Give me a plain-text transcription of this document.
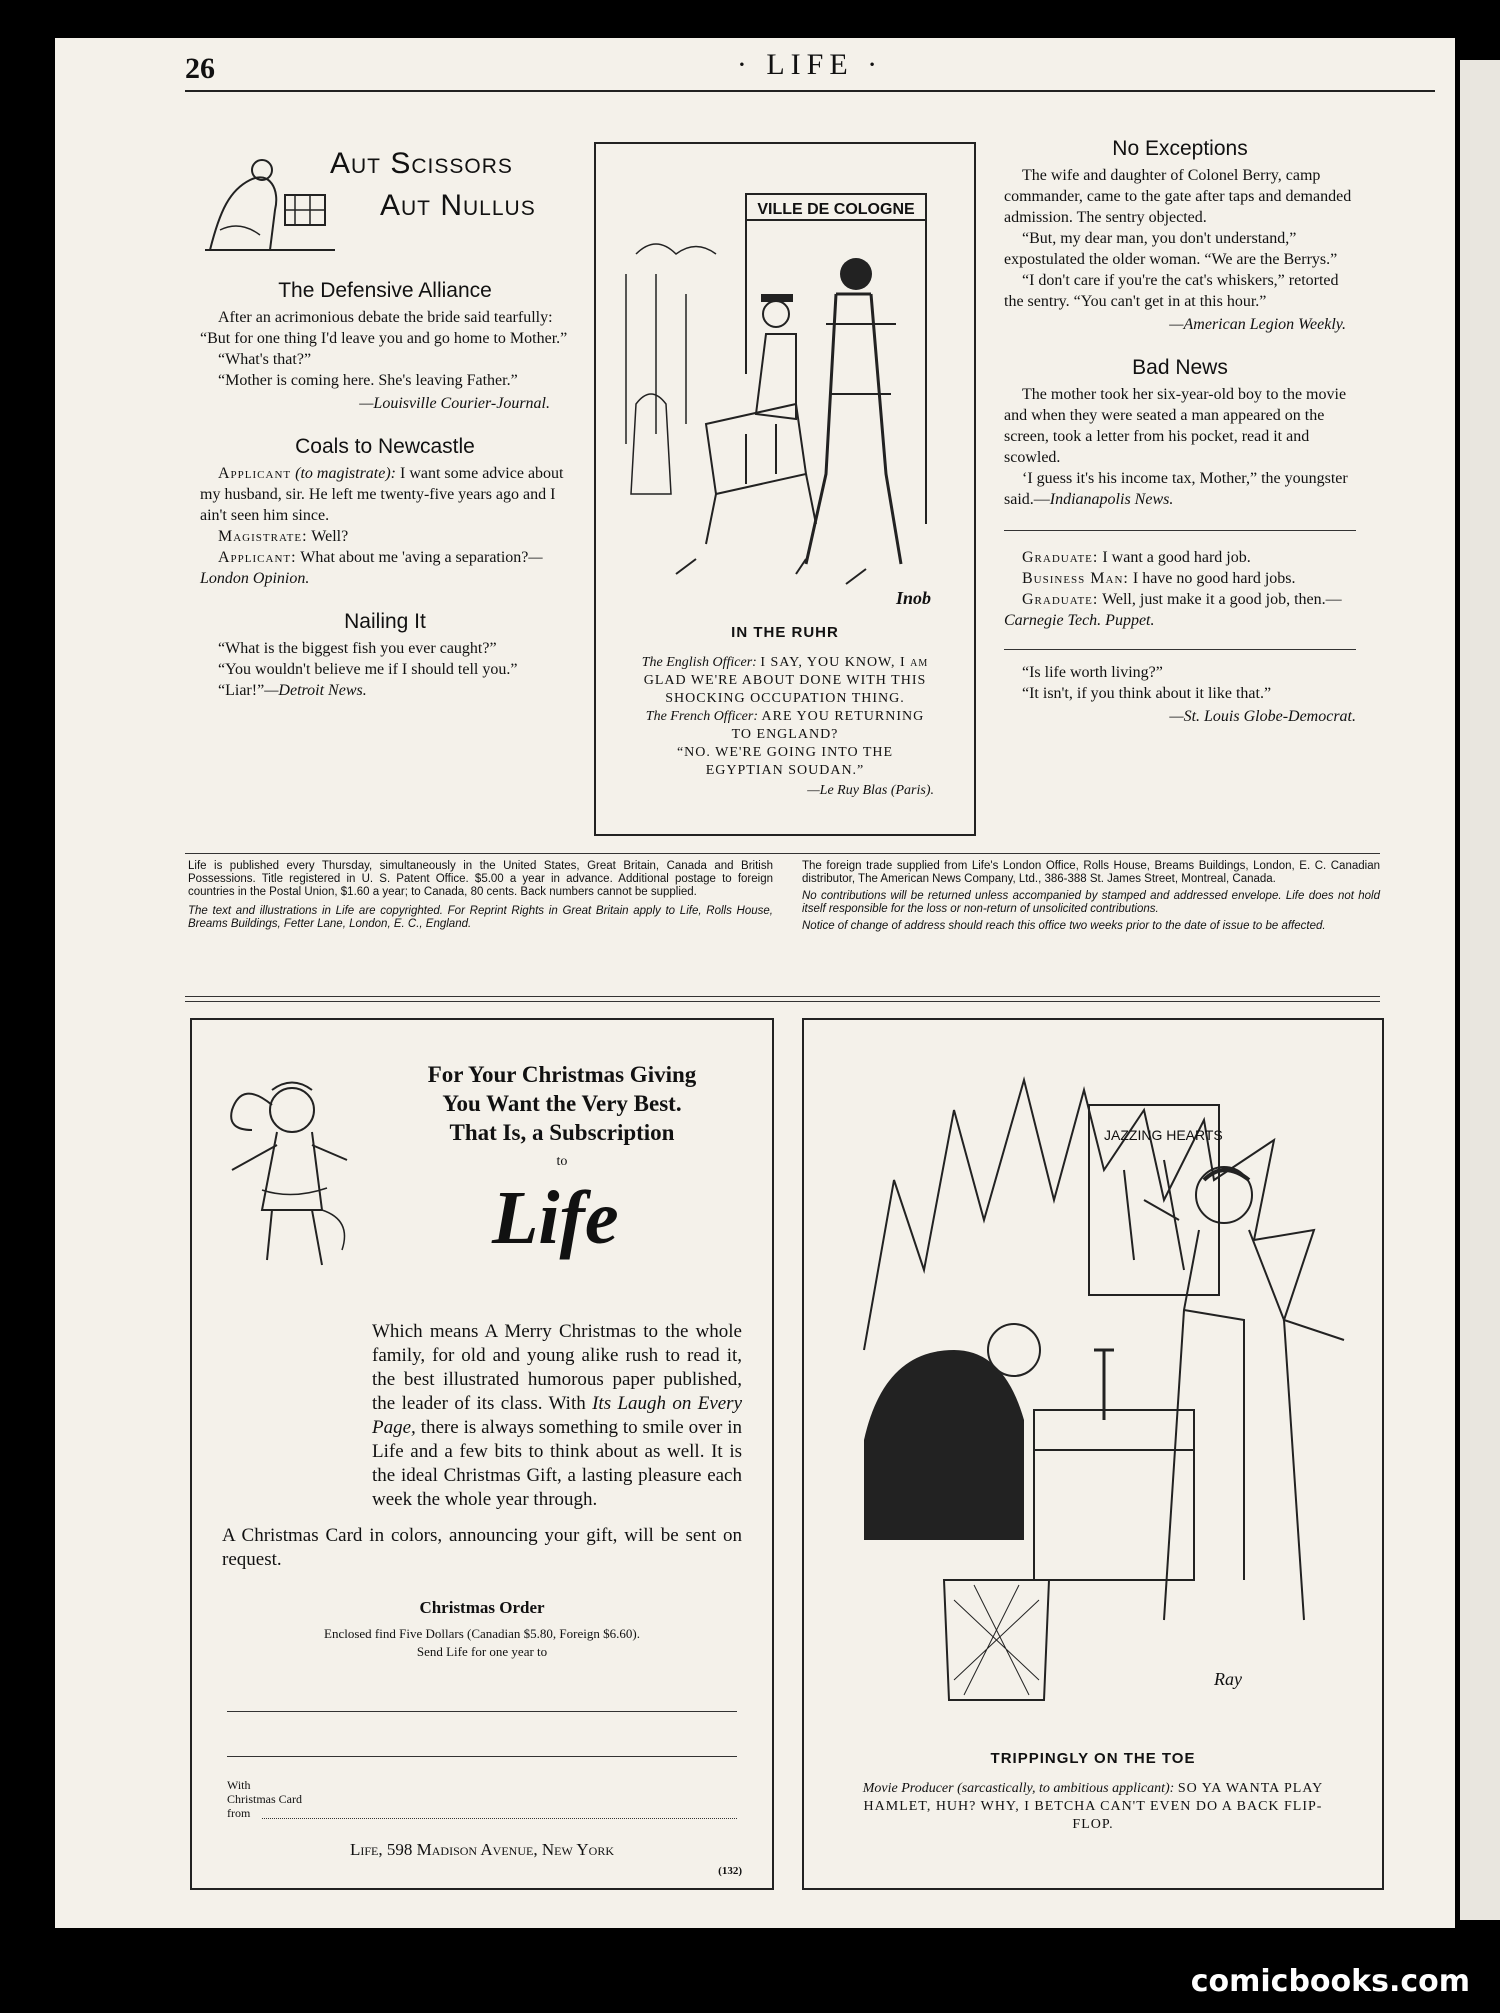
26	· LIFE ·
Aut Scissors
Aut Nullus
The Defensive Alliance

After an acrimonious debate the bride said tearfully: “But for one thing I'd leave you and go home to Mother.”

“What's that?”

“Mother is coming here. She's leaving Father.”

—Louisville Courier-Journal.
Coals to Newcastle

Applicant (to magistrate): I want some advice about my husband, sir. He left me twenty-five years ago and I ain't seen him since.

Magistrate: Well?

Applicant: What about me 'aving a separation?—London Opinion.

Nailing It

“What is the biggest fish you ever caught?”

“You wouldn't believe me if I should tell you.”

“Liar!”—Detroit News.

VILLE DE COLOGNE
Inob
IN THE RUHR
The English Officer: I SAY, YOU KNOW, I am GLAD WE'RE ABOUT DONE WITH THIS SHOCKING OCCUPATION THING.
The French Officer: ARE YOU RETURNING TO ENGLAND?
“NO. WE'RE GOING INTO THE EGYPTIAN SOUDAN.”
—Le Ruy Blas (Paris).
No Exceptions

The wife and daughter of Colonel Berry, camp commander, came to the gate after taps and demanded admission. The sentry objected.

“But, my dear man, you don't understand,” expostulated the older woman. “We are the Berrys.”

“I don't care if you're the cat's whiskers,” retorted the sentry. “You can't get in at this hour.”

—American Legion Weekly.
Bad News

The mother took her six-year-old boy to the movie and when they were seated a man appeared on the screen, took a letter from his pocket, read it and scowled.

‘I guess it's his income tax, Mother,” the youngster said.—Indianapolis News.

Graduate: I want a good hard job.

Business Man: I have no good hard jobs.

Graduate: Well, just make it a good job, then.—Carnegie Tech. Puppet.

“Is life worth living?”

“It isn't, if you think about it like that.”

—St. Louis Globe-Democrat.
Life is published every Thursday, simultaneously in the United States, Great Britain, Canada and British Possessions. Title registered in U. S. Patent Office. $5.00 a year in advance. Additional postage to foreign countries in the Postal Union, $1.60 a year; to Canada, 80 cents. Back numbers cannot be supplied.
The text and illustrations in Life are copyrighted. For Reprint Rights in Great Britain apply to Life, Rolls House, Breams Buildings, Fetter Lane, London, E. C., England.
The foreign trade supplied from Life's London Office, Rolls House, Breams Buildings, London, E. C. Canadian distributor, The American News Company, Ltd., 386-388 St. James Street, Montreal, Canada.
No contributions will be returned unless accompanied by stamped and addressed envelope. Life does not hold itself responsible for the loss or non-return of unsolicited contributions.
Notice of change of address should reach this office two weeks prior to the date of issue to be affected.
For Your Christmas Giving
You Want the Very Best.
That Is, a Subscription
to
Life

Which means A Merry Christmas to the whole family, for old and young alike rush to read it, the best illustrated humorous paper published, the leader of its class. With Its Laugh on Every Page, there is always something to smile over in Life and a few bits to think about as well. It is the ideal Christmas Gift, a lasting pleasure each week the whole year through.

A Christmas Card in colors, announcing your gift, will be sent on request.

Christmas Order
Enclosed find Five Dollars (Canadian $5.80, Foreign $6.60).
Send Life for one year to
With
Christmas Card
from
Life, 598 Madison Avenue, New York
(132)
JAZZING HEARTS
Ray
TRIPPINGLY ON THE TOE
Movie Producer (sarcastically, to ambitious applicant): SO YA WANTA PLAY HAMLET, HUH? WHY, I BETCHA CAN'T EVEN DO A BACK FLIP-FLOP.
comicbooks.com
